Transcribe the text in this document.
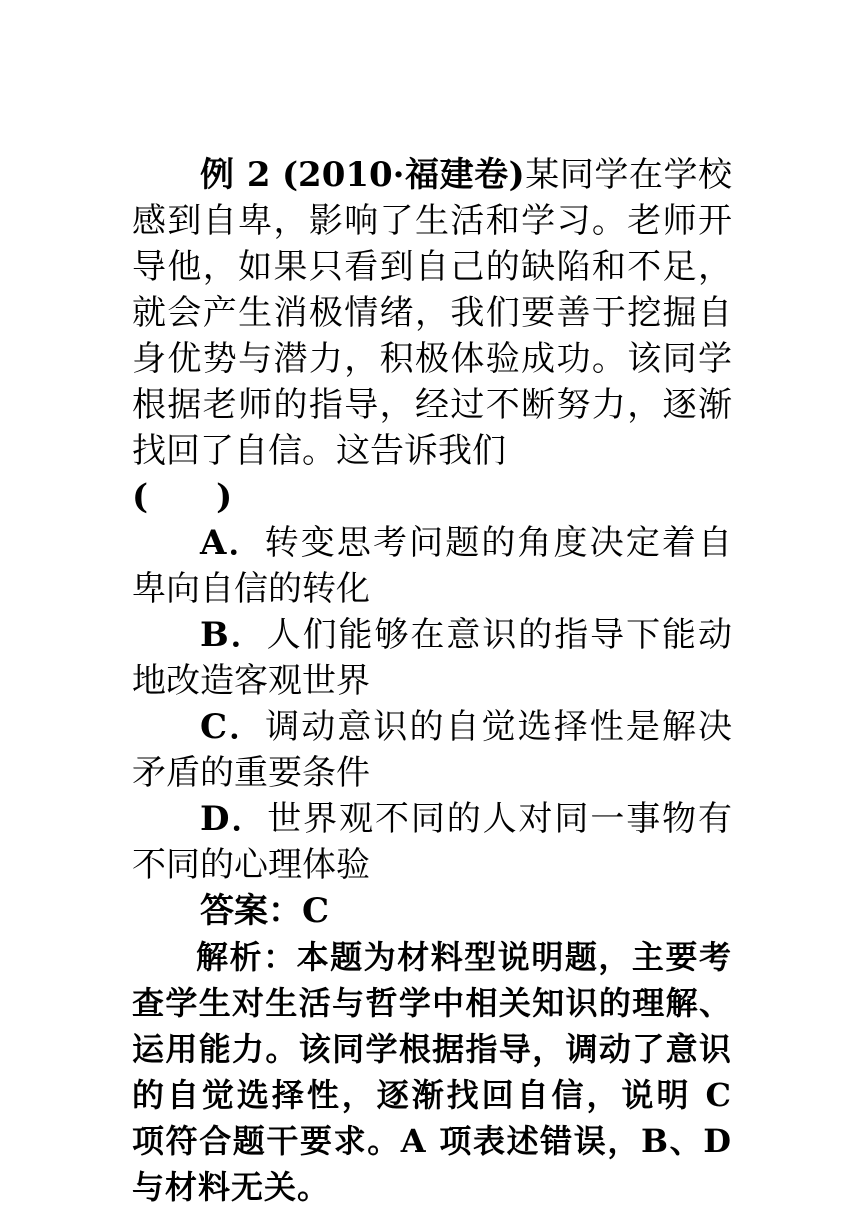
例 2 (2010·福建卷)某同学在学校感到自卑，影响了生活和学习。老师开导他，如果只看到自己的缺陷和不足，就会产生消极情绪，我们要善于挖掘自身优势与潜力，积极体验成功。该同学根据老师的指导，经过不断努力，逐渐找回了自信。这告诉我们

(　　)

A．转变思考问题的角度决定着自卑向自信的转化

B．人们能够在意识的指导下能动地改造客观世界

C．调动意识的自觉选择性是解决矛盾的重要条件

D．世界观不同的人对同一事物有不同的心理体验

答案：C

解析：本题为材料型说明题，主要考查学生对生活与哲学中相关知识的理解、运用能力。该同学根据指导，调动了意识的自觉选择性，逐渐找回自信，说明 C 项符合题干要求。A 项表述错误，B、D 与材料无关。
